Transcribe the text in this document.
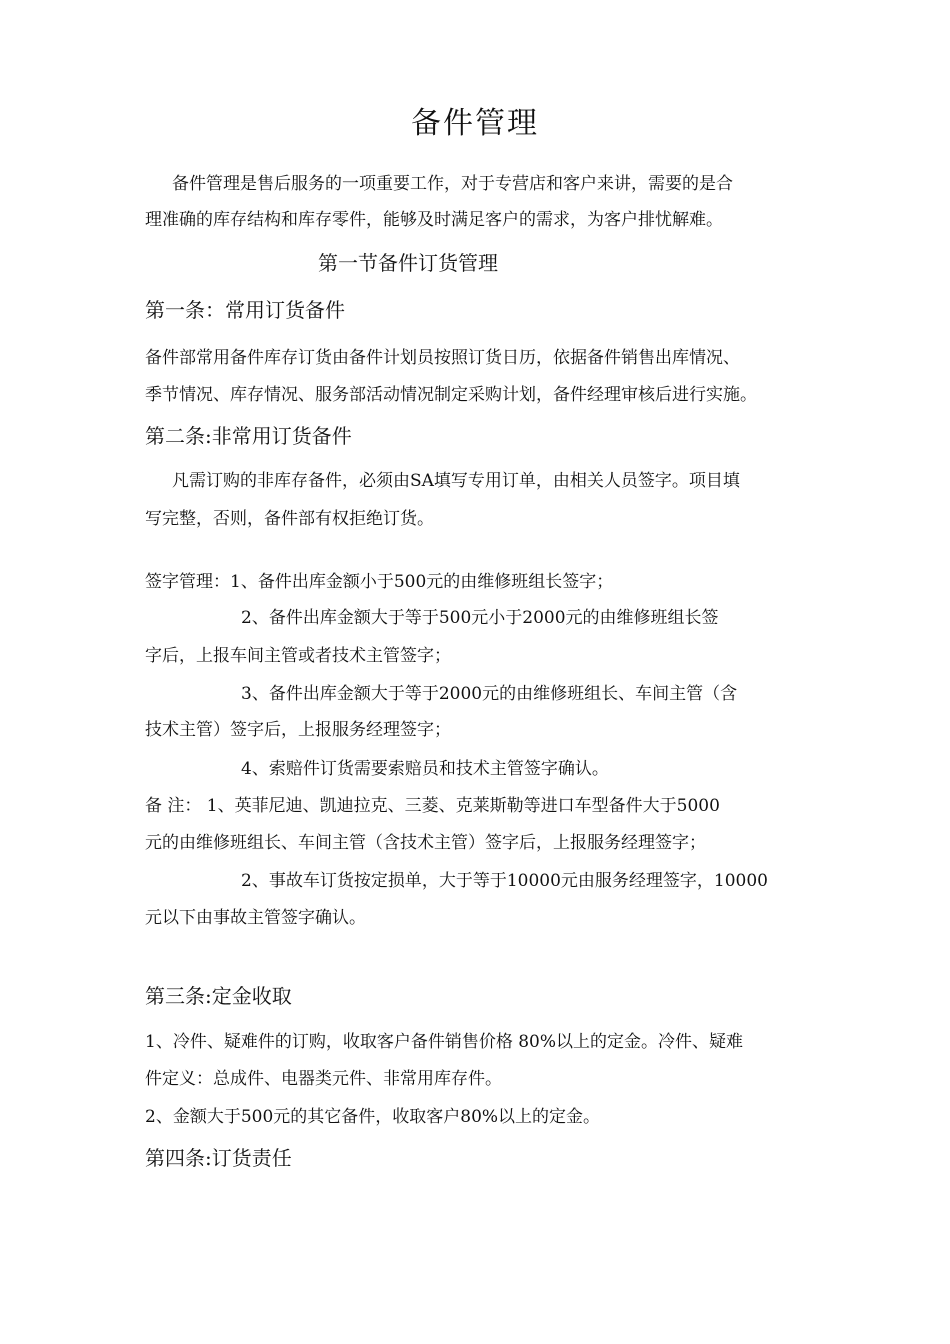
备件管理
备件管理是售后服务的一项重要工作，对于专营店和客户来讲，需要的是合
理准确的库存结构和库存零件，能够及时满足客户的需求，为客户排忧解难。
第一节备件订货管理
第一条：常用订货备件
备件部常用备件库存订货由备件计划员按照订货日历，依据备件销售出库情况、
季节情况、库存情况、服务部活动情况制定采购计划，备件经理审核后进行实施。
第二条:非常用订货备件
凡需订购的非库存备件，必须由SA填写专用订单，由相关人员签字。项目填
写完整，否则，备件部有权拒绝订货。
签字管理：1、备件出库金额小于500元的由维修班组长签字；
2、备件出库金额大于等于500元小于2000元的由维修班组长签
字后，上报车间主管或者技术主管签字；
3、备件出库金额大于等于2000元的由维修班组长、车间主管（含
技术主管）签字后，上报服务经理签字；
4、索赔件订货需要索赔员和技术主管签字确认。
备 注： 1、英菲尼迪、凯迪拉克、三菱、克莱斯勒等进口车型备件大于5000
元的由维修班组长、车间主管（含技术主管）签字后，上报服务经理签字；
2、事故车订货按定损单，大于等于10000元由服务经理签字，10000
元以下由事故主管签字确认。
第三条:定金收取
1、冷件、疑难件的订购，收取客户备件销售价格 80%以上的定金。冷件、疑难
件定义：总成件、电器类元件、非常用库存件。
2、金额大于500元的其它备件，收取客户80%以上的定金。
第四条:订货责任
